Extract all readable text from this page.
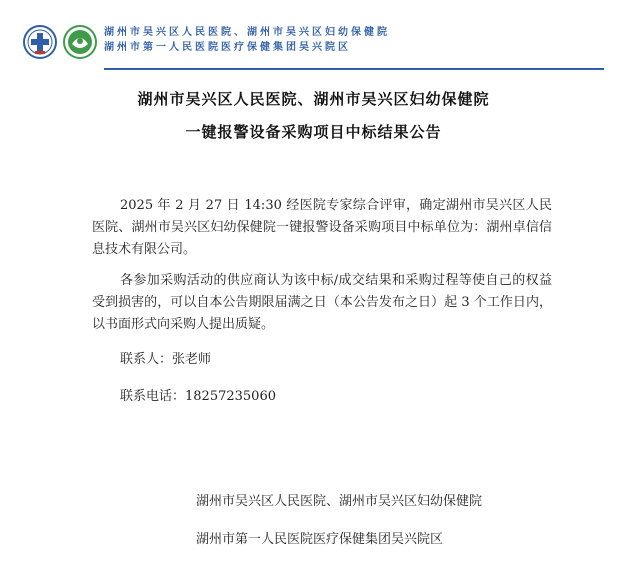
湖州市吴兴区人民医院、湖州市吴兴区妇幼保健院
湖州市第一人民医院医疗保健集团吴兴院区
湖州市吴兴区人民医院、湖州市吴兴区妇幼保健院
一键报警设备采购项目中标结果公告
2025 年 2 月 27 日 14:30 经医院专家综合评审，确定湖州市吴兴区人民医院、湖州市吴兴区妇幼保健院一键报警设备采购项目中标单位为：湖州卓信信息技术有限公司。
各参加采购活动的供应商认为该中标/成交结果和采购过程等使自己的权益受到损害的，可以自本公告期限届满之日（本公告发布之日）起 3 个工作日内，以书面形式向采购人提出质疑。
联系人：张老师
联系电话：18257235060
湖州市吴兴区人民医院、湖州市吴兴区妇幼保健院
湖州市第一人民医院医疗保健集团吴兴院区
